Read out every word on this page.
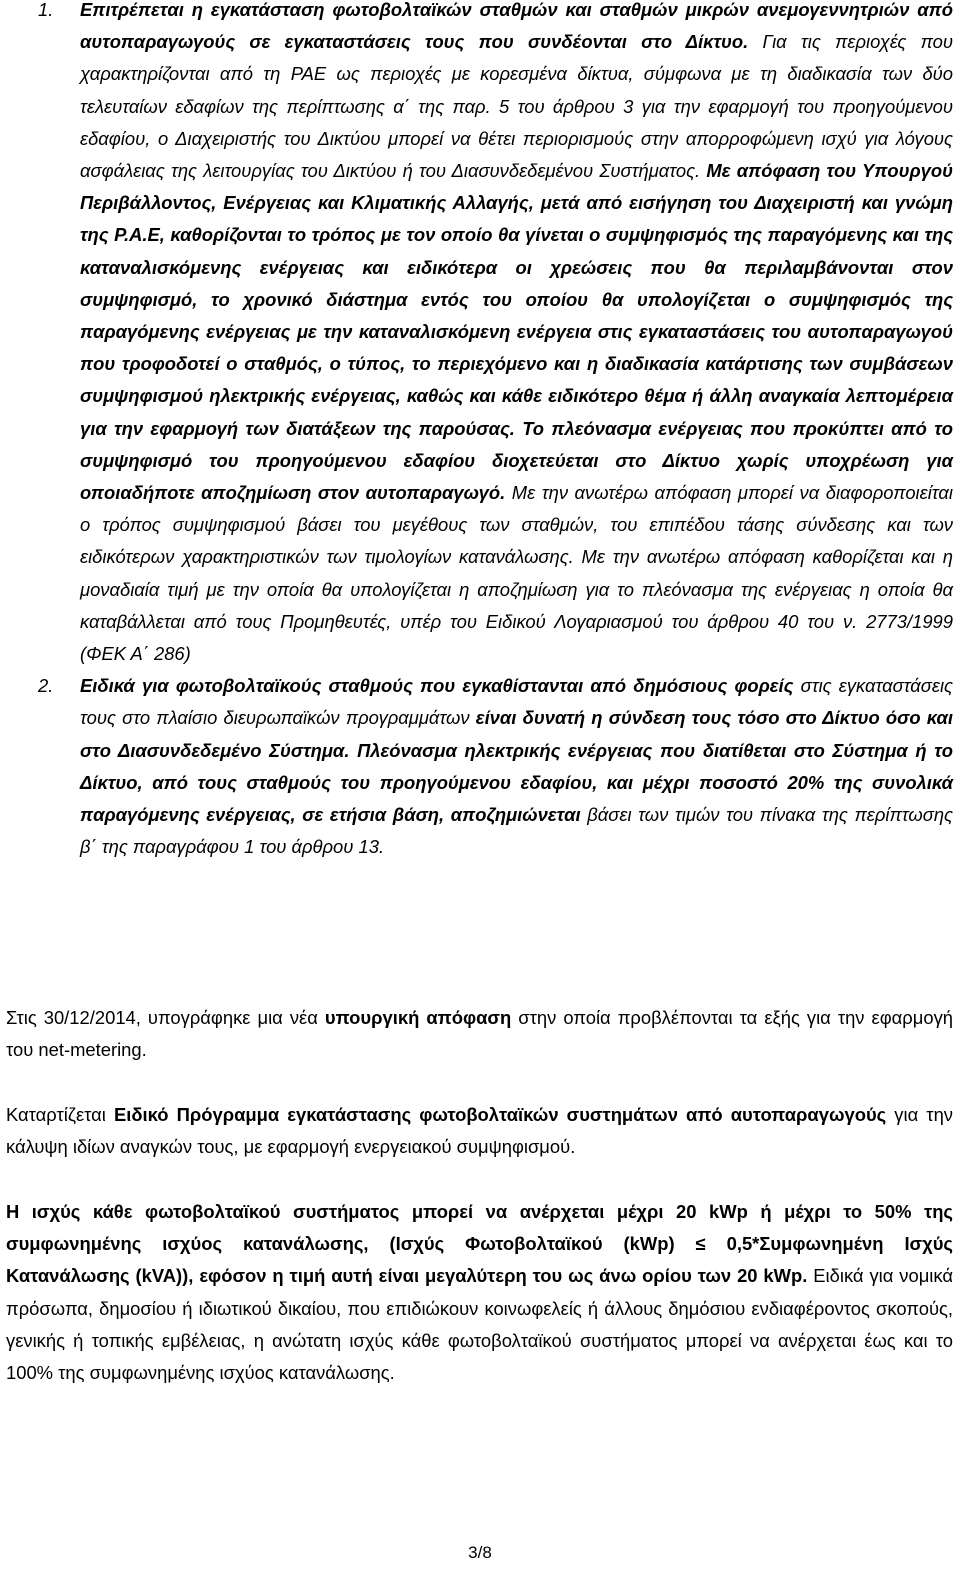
1. Επιτρέπεται η εγκατάσταση φωτοβολταϊκών σταθμών και σταθμών μικρών ανεμογεννητριών από αυτοπαραγωγούς σε εγκαταστάσεις τους που συνδέονται στο Δίκτυο. Για τις περιοχές που χαρακτηρίζονται από τη ΡΑΕ ως περιοχές με κορεσμένα δίκτυα, σύμφωνα με τη διαδικασία των δύο τελευταίων εδαφίων της περίπτωσης α΄ της παρ. 5 του άρθρου 3 για την εφαρμογή του προηγούμενου εδαφίου, ο Διαχειριστής του Δικτύου μπορεί να θέτει περιορισμούς στην απορροφώμενη ισχύ για λόγους ασφάλειας της λειτουργίας του Δικτύου ή του Διασυνδεδεμένου Συστήματος. Με απόφαση του Υπουργού Περιβάλλοντος, Ενέργειας και Κλιματικής Αλλαγής, μετά από εισήγηση του Διαχειριστή και γνώμη της Ρ.Α.Ε, καθορίζονται το τρόπος με τον οποίο θα γίνεται ο συμψηφισμός της παραγόμενης και της καταναλισκόμενης ενέργειας και ειδικότερα οι χρεώσεις που θα περιλαμβάνονται στον συμψηφισμό, το χρονικό διάστημα εντός του οποίου θα υπολογίζεται ο συμψηφισμός της παραγόμενης ενέργειας με την καταναλισκόμενη ενέργεια στις εγκαταστάσεις του αυτοπαραγωγού που τροφοδοτεί ο σταθμός, ο τύπος, το περιεχόμενο και η διαδικασία κατάρτισης των συμβάσεων συμψηφισμού ηλεκτρικής ενέργειας, καθώς και κάθε ειδικότερο θέμα ή άλλη αναγκαία λεπτομέρεια για την εφαρμογή των διατάξεων της παρούσας. Το πλεόνασμα ενέργειας που προκύπτει από το συμψηφισμό του προηγούμενου εδαφίου διοχετεύεται στο Δίκτυο χωρίς υποχρέωση για οποιαδήποτε αποζημίωση στον αυτοπαραγωγό. Με την ανωτέρω απόφαση μπορεί να διαφοροποιείται ο τρόπος συμψηφισμού βάσει του μεγέθους των σταθμών, του επιπέδου τάσης σύνδεσης και των ειδικότερων χαρακτηριστικών των τιμολογίων κατανάλωσης. Με την ανωτέρω απόφαση καθορίζεται και η μοναδιαία τιμή με την οποία θα υπολογίζεται η αποζημίωση για το πλεόνασμα της ενέργειας η οποία θα καταβάλλεται από τους Προμηθευτές, υπέρ του Ειδικού Λογαριασμού του άρθρου 40 του ν. 2773/1999 (ΦΕΚ Α΄ 286)
2. Ειδικά για φωτοβολταϊκούς σταθμούς που εγκαθίστανται από δημόσιους φορείς στις εγκαταστάσεις τους στο πλαίσιο διευρωπαϊκών προγραμμάτων είναι δυνατή η σύνδεση τους τόσο στο Δίκτυο όσο και στο Διασυνδεδεμένο Σύστημα. Πλεόνασμα ηλεκτρικής ενέργειας που διατίθεται στο Σύστημα ή το Δίκτυο, από τους σταθμούς του προηγούμενου εδαφίου, και μέχρι ποσοστό 20% της συνολικά παραγόμενης ενέργειας, σε ετήσια βάση, αποζημιώνεται βάσει των τιμών του πίνακα της περίπτωσης β΄ της παραγράφου 1 του άρθρου 13.

Στις 30/12/2014, υπογράφηκε μια νέα υπουργική απόφαση στην οποία προβλέπονται τα εξής για την εφαρμογή του net-metering.

Καταρτίζεται Ειδικό Πρόγραμμα εγκατάστασης φωτοβολταϊκών συστημάτων από αυτοπαραγωγούς για την κάλυψη ιδίων αναγκών τους, με εφαρμογή ενεργειακού συμψηφισμού.

Η ισχύς κάθε φωτοβολταϊκού συστήματος μπορεί να ανέρχεται μέχρι 20 kWp ή μέχρι το 50% της συμφωνημένης ισχύος κατανάλωσης, (Ισχύς Φωτοβολταϊκού (kWp) ≤ 0,5*Συμφωνημένη Ισχύς Κατανάλωσης (kVA)), εφόσον η τιμή αυτή είναι μεγαλύτερη του ως άνω ορίου των 20 kWp. Ειδικά για νομικά πρόσωπα, δημοσίου ή ιδιωτικού δικαίου, που επιδιώκουν κοινωφελείς ή άλλους δημόσιου ενδιαφέροντος σκοπούς, γενικής ή τοπικής εμβέλειας, η ανώτατη ισχύς κάθε φωτοβολταϊκού συστήματος μπορεί να ανέρχεται έως και το 100% της συμφωνημένης ισχύος κατανάλωσης.

3/8
